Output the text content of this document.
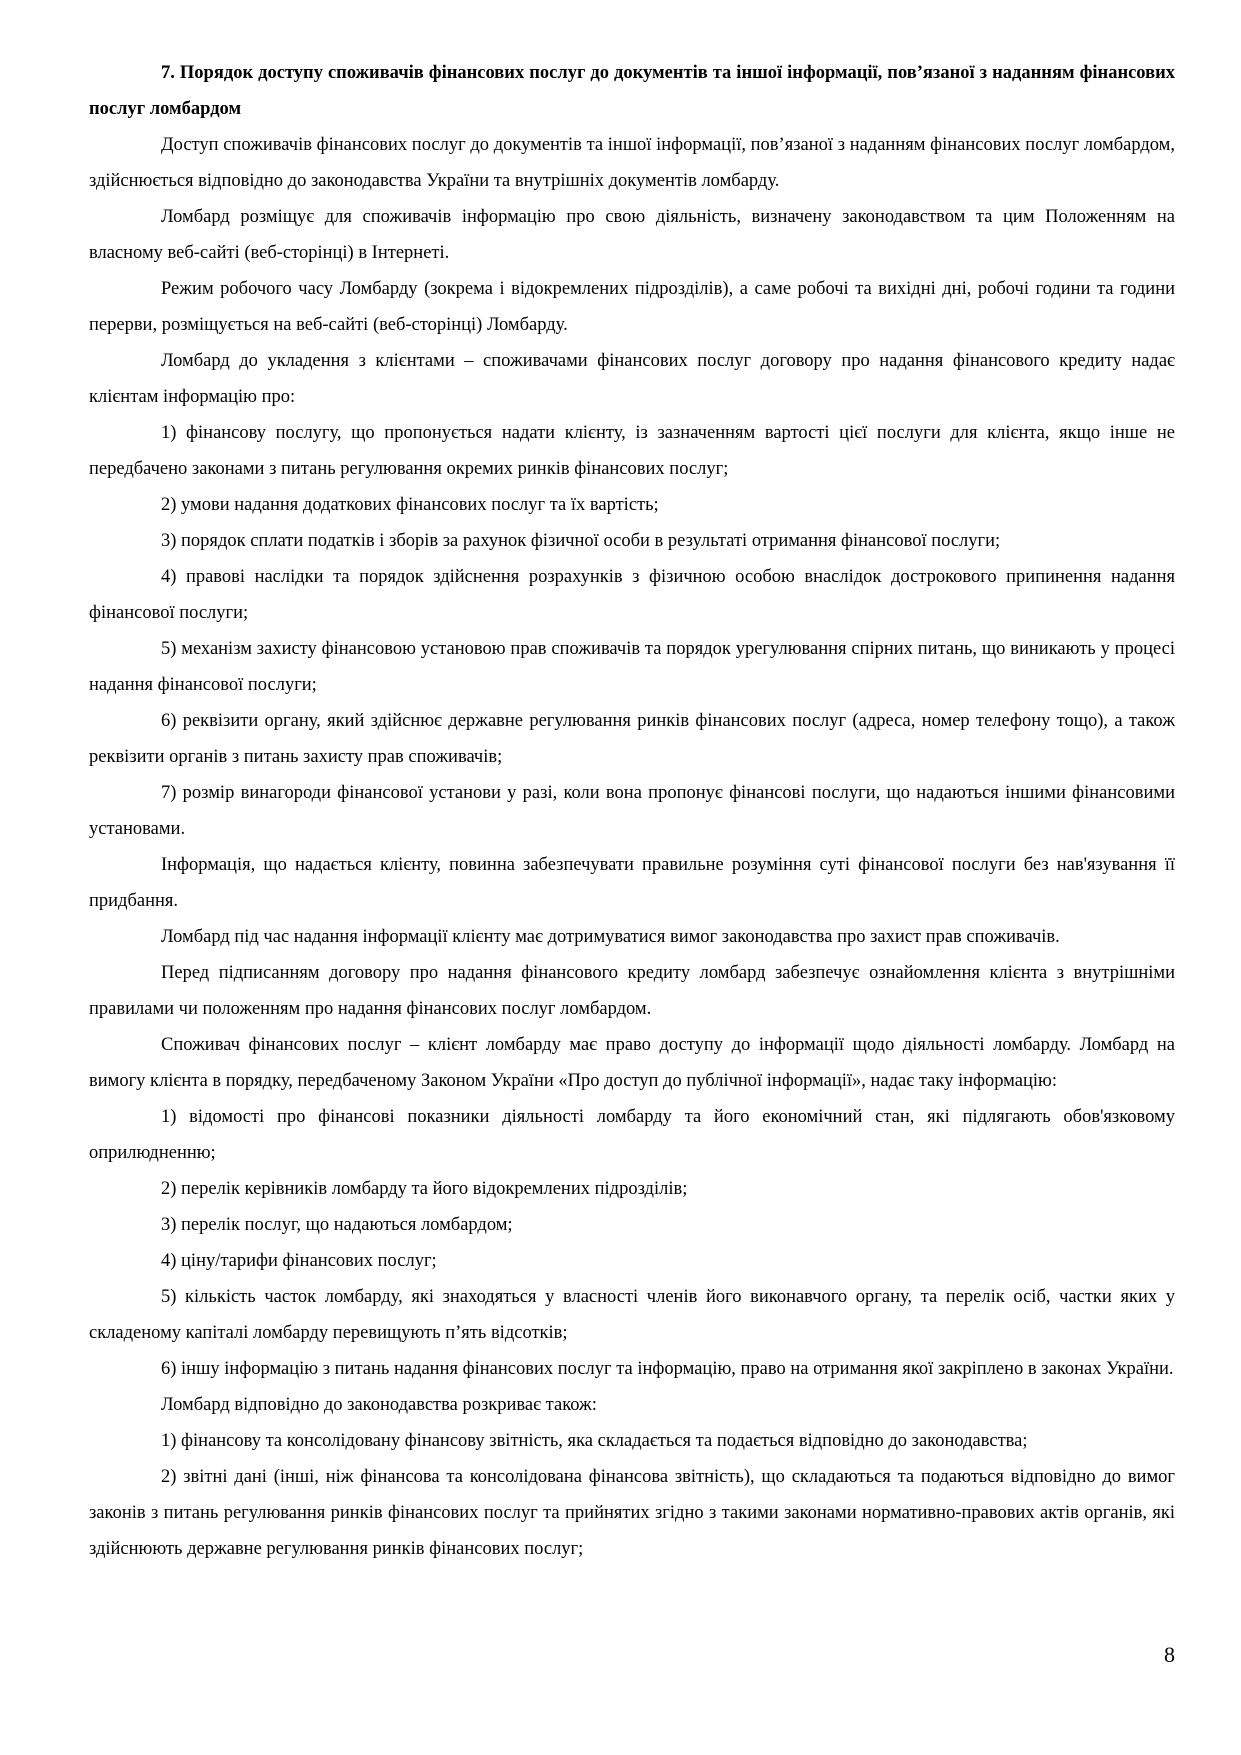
7. Порядок доступу споживачів фінансових послуг до документів та іншої інформації, пов’язаної з наданням фінансових послуг ломбардом

Доступ споживачів фінансових послуг до документів та іншої інформації, пов’язаної з наданням фінансових послуг ломбардом, здійснюється відповідно до законодавства України та внутрішніх документів ломбарду.

Ломбард розміщує для споживачів інформацію про свою діяльність, визначену законодавством та цим Положенням на власному веб-сайті (веб-сторінці) в Інтернеті.

Режим робочого часу Ломбарду (зокрема і відокремлених підрозділів), а саме робочі та вихідні дні, робочі години та години перерви, розміщується на веб-сайті (веб-сторінці) Ломбарду.

Ломбард до укладення з клієнтами – споживачами фінансових послуг договору про надання фінансового кредиту надає клієнтам інформацію про:

1) фінансову послугу, що пропонується надати клієнту, із зазначенням вартості цієї послуги для клієнта, якщо інше не передбачено законами з питань регулювання окремих ринків фінансових послуг;

2) умови надання додаткових фінансових послуг та їх вартість;

3) порядок сплати податків і зборів за рахунок фізичної особи в результаті отримання фінансової послуги;

4) правові наслідки та порядок здійснення розрахунків з фізичною особою внаслідок дострокового припинення надання фінансової послуги;

5) механізм захисту фінансовою установою прав споживачів та порядок урегулювання спірних питань, що виникають у процесі надання фінансової послуги;

6) реквізити органу, який здійснює державне регулювання ринків фінансових послуг (адреса, номер телефону тощо), а також реквізити органів з питань захисту прав споживачів;

7) розмір винагороди фінансової установи у разі, коли вона пропонує фінансові послуги, що надаються іншими фінансовими установами.

Інформація, що надається клієнту, повинна забезпечувати правильне розуміння суті фінансової послуги без нав'язування її придбання.

Ломбард під час надання інформації клієнту має дотримуватися вимог законодавства про захист прав споживачів.

Перед підписанням договору про надання фінансового кредиту ломбард забезпечує ознайомлення клієнта з внутрішніми правилами чи положенням про надання фінансових послуг ломбардом.

Споживач фінансових послуг – клієнт ломбарду має право доступу до інформації щодо діяльності ломбарду. Ломбард на вимогу клієнта в порядку, передбаченому Законом України «Про доступ до публічної інформації», надає таку інформацію:

1) відомості про фінансові показники діяльності ломбарду та його економічний стан, які підлягають обов'язковому оприлюдненню;

2) перелік керівників ломбарду та його відокремлених підрозділів;

3) перелік послуг, що надаються ломбардом;

4) ціну/тарифи фінансових послуг;

5) кількість часток ломбарду, які знаходяться у власності членів його виконавчого органу, та перелік осіб, частки яких у складеному капіталі ломбарду перевищують п’ять відсотків;

6) іншу інформацію з питань надання фінансових послуг та інформацію, право на отримання якої закріплено в законах України.

Ломбард відповідно до законодавства розкриває також:

1) фінансову та консолідовану фінансову звітність, яка складається та подається відповідно до законодавства;

2) звітні дані (інші, ніж фінансова та консолідована фінансова звітність), що складаються та подаються відповідно до вимог законів з питань регулювання ринків фінансових послуг та прийнятих згідно з такими законами нормативно-правових актів органів, які здійснюють державне регулювання ринків фінансових послуг;

8
